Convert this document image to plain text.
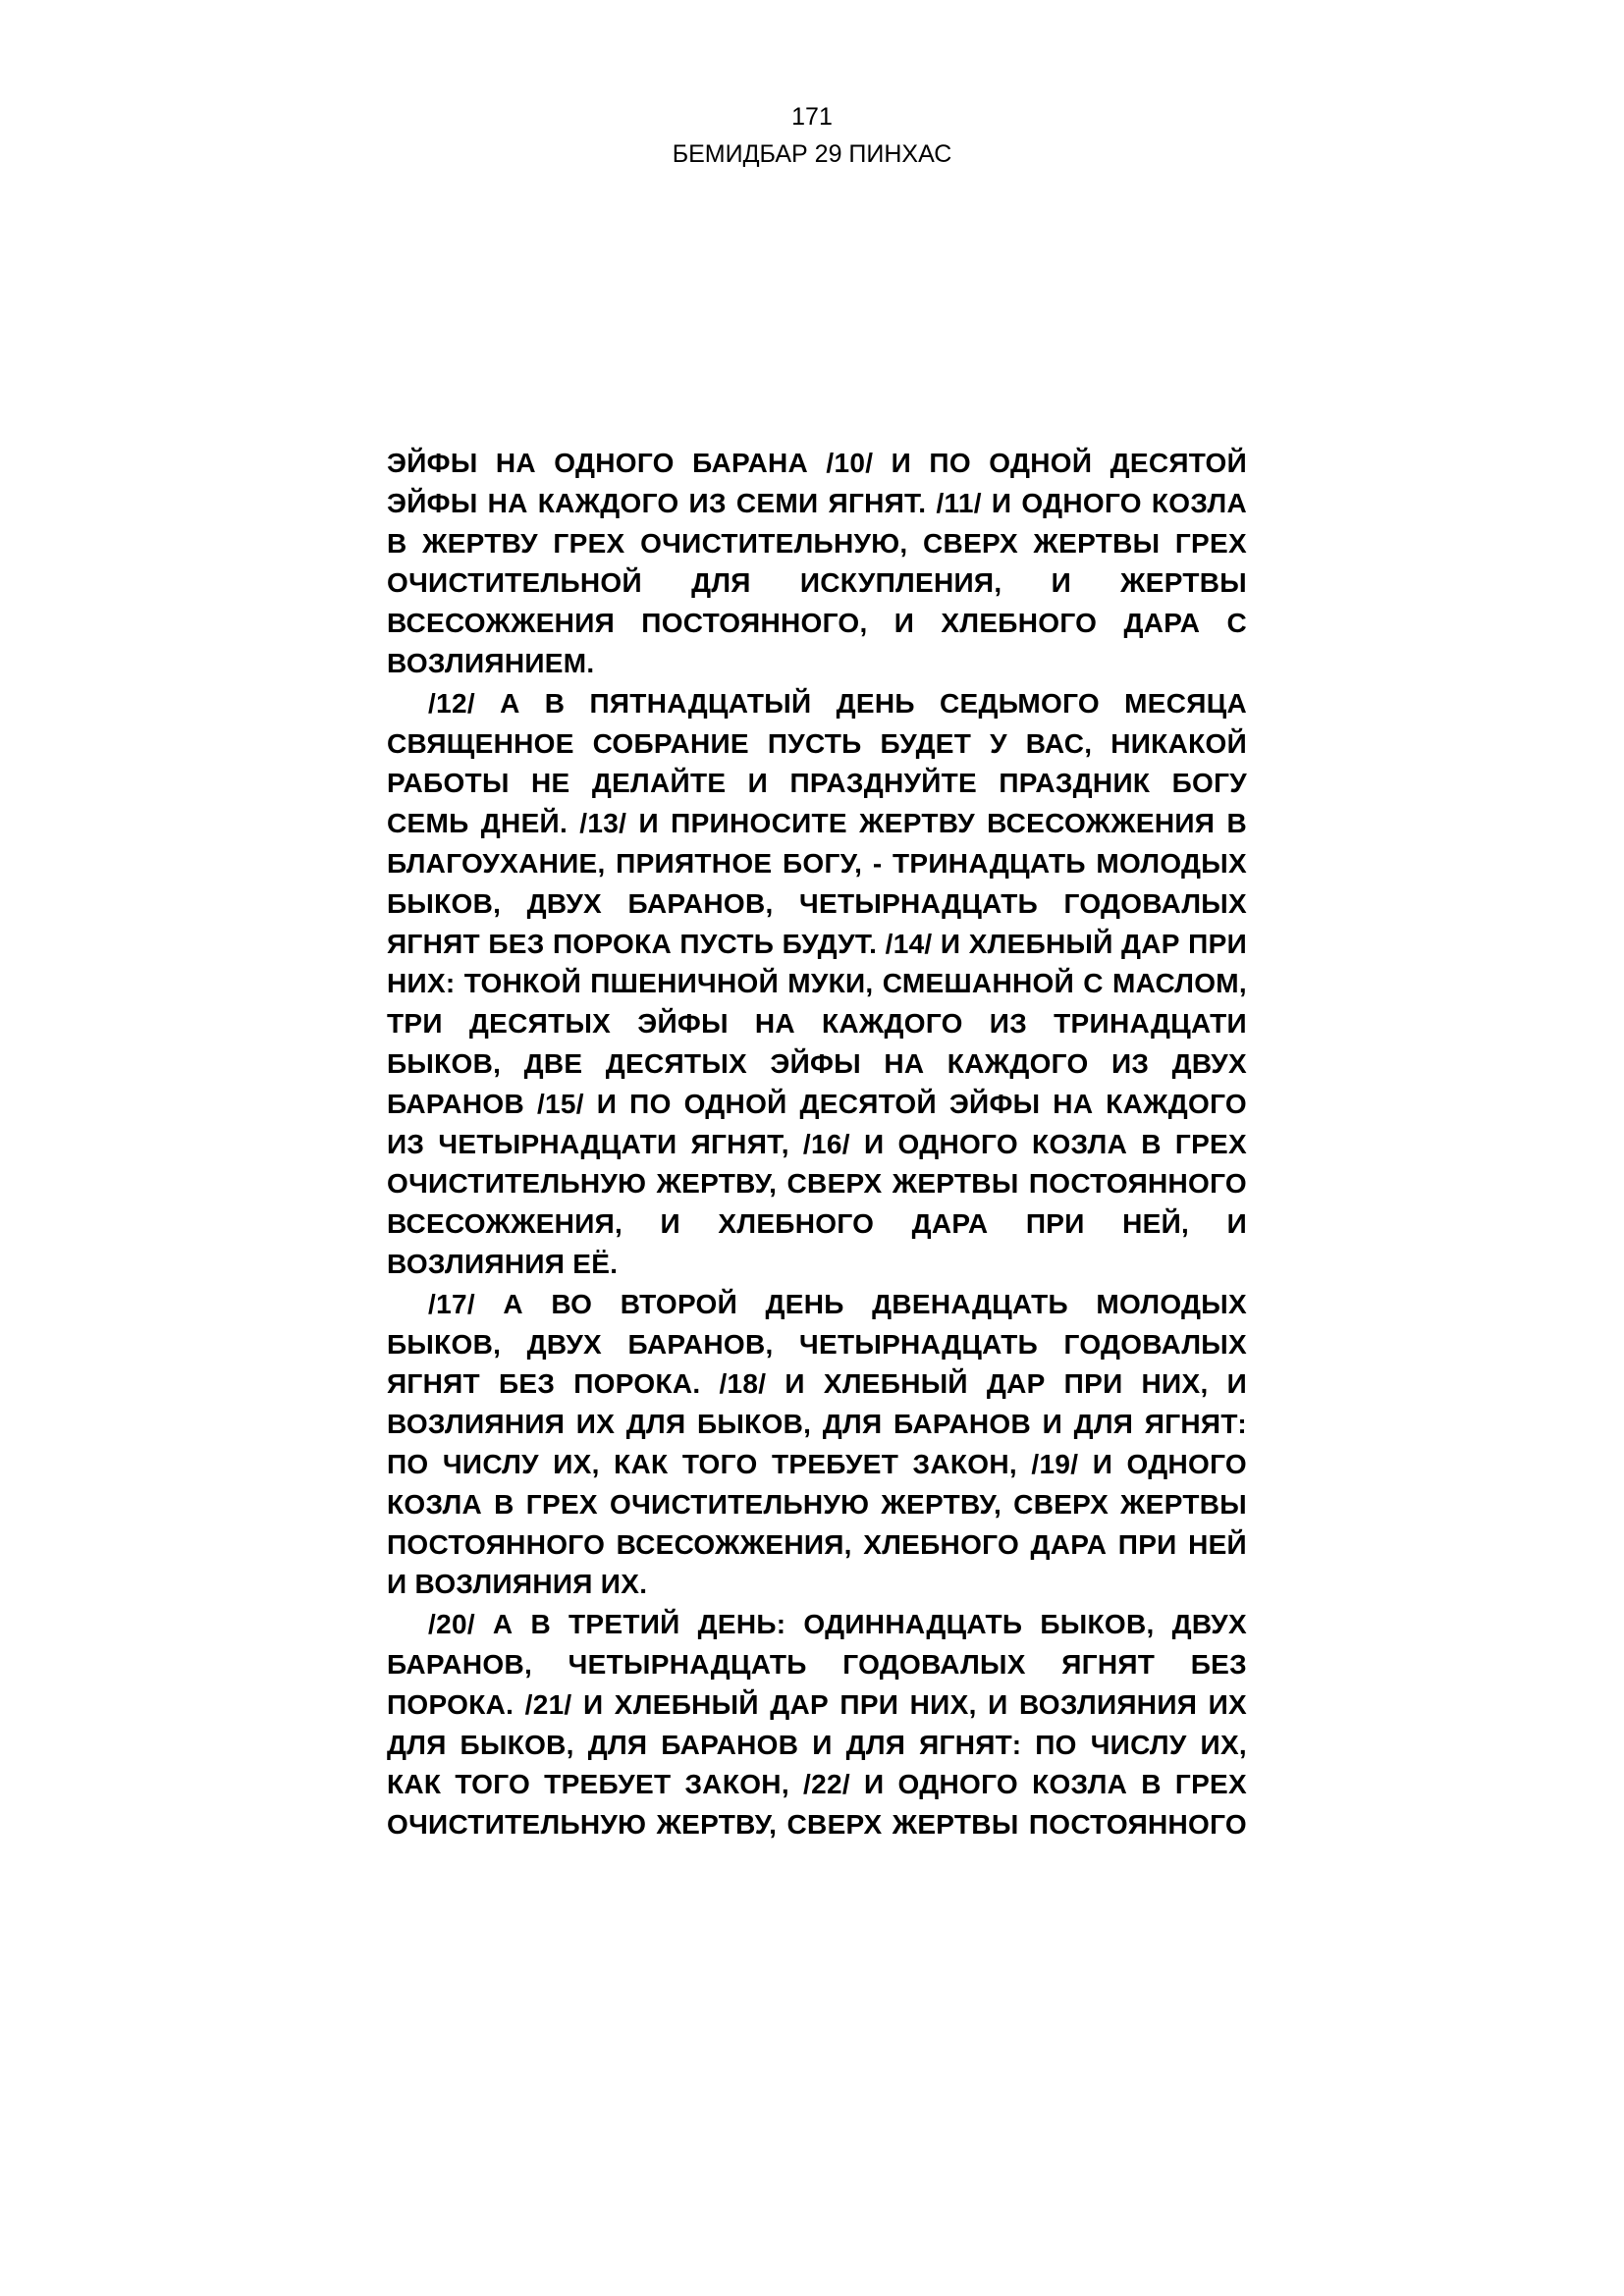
171
БЕМИДБАР 29 ПИНХАС

ЭЙФЫ НА ОДНОГО БАРАНА /10/ И ПО ОДНОЙ ДЕСЯТОЙ ЭЙФЫ НА КАЖДОГО ИЗ СЕМИ ЯГНЯТ. /11/ И ОДНОГО КОЗЛА В ЖЕРТВУ ГРЕХ ОЧИСТИТЕЛЬНУЮ, СВЕРХ ЖЕРТВЫ ГРЕХ ОЧИСТИТЕЛЬНОЙ ДЛЯ ИСКУПЛЕНИЯ, И ЖЕРТВЫ ВСЕСОЖЖЕНИЯ ПОСТОЯННОГО, И ХЛЕБНОГО ДАРА С ВОЗЛИЯНИЕМ.

/12/ А В ПЯТНАДЦАТЫЙ ДЕНЬ СЕДЬМОГО МЕСЯЦА СВЯЩЕННОЕ СОБРАНИЕ ПУСТЬ БУДЕТ У ВАС, НИКАКОЙ РАБОТЫ НЕ ДЕЛАЙТЕ И ПРАЗДНУЙТЕ ПРАЗДНИК БОГУ СЕМЬ ДНЕЙ. /13/ И ПРИНОСИТЕ ЖЕРТВУ ВСЕСОЖЖЕНИЯ В БЛАГОУХАНИЕ, ПРИЯТНОЕ БОГУ, - ТРИНАДЦАТЬ МОЛОДЫХ БЫКОВ, ДВУХ БАРАНОВ, ЧЕТЫРНАДЦАТЬ ГОДОВАЛЫХ ЯГНЯТ БЕЗ ПОРОКА ПУСТЬ БУДУТ. /14/ И ХЛЕБНЫЙ ДАР ПРИ НИХ: ТОНКОЙ ПШЕНИЧНОЙ МУКИ, СМЕШАННОЙ С МАСЛОМ, ТРИ ДЕСЯТЫХ ЭЙФЫ НА КАЖДОГО ИЗ ТРИНАДЦАТИ БЫКОВ, ДВЕ ДЕСЯТЫХ ЭЙФЫ НА КАЖДОГО ИЗ ДВУХ БАРАНОВ /15/ И ПО ОДНОЙ ДЕСЯТОЙ ЭЙФЫ НА КАЖДОГО ИЗ ЧЕТЫРНАДЦАТИ ЯГНЯТ, /16/ И ОДНОГО КОЗЛА В ГРЕХ ОЧИСТИТЕЛЬНУЮ ЖЕРТВУ, СВЕРХ ЖЕРТВЫ ПОСТОЯННОГО ВСЕСОЖЖЕНИЯ, И ХЛЕБНОГО ДАРА ПРИ НЕЙ, И ВОЗЛИЯНИЯ ЕЁ.

/17/ А ВО ВТОРОЙ ДЕНЬ ДВЕНАДЦАТЬ МОЛОДЫХ БЫКОВ, ДВУХ БАРАНОВ, ЧЕТЫРНАДЦАТЬ ГОДОВАЛЫХ ЯГНЯТ БЕЗ ПОРОКА. /18/ И ХЛЕБНЫЙ ДАР ПРИ НИХ, И ВОЗЛИЯНИЯ ИХ ДЛЯ БЫКОВ, ДЛЯ БАРАНОВ И ДЛЯ ЯГНЯТ: ПО ЧИСЛУ ИХ, КАК ТОГО ТРЕБУЕТ ЗАКОН, /19/ И ОДНОГО КОЗЛА В ГРЕХ ОЧИСТИТЕЛЬНУЮ ЖЕРТВУ, СВЕРХ ЖЕРТВЫ ПОСТОЯННОГО ВСЕСОЖЖЕНИЯ, ХЛЕБНОГО ДАРА ПРИ НЕЙ И ВОЗЛИЯНИЯ ИХ.

/20/ А В ТРЕТИЙ ДЕНЬ: ОДИННАДЦАТЬ БЫКОВ, ДВУХ БАРАНОВ, ЧЕТЫРНАДЦАТЬ ГОДОВАЛЫХ ЯГНЯТ БЕЗ ПОРОКА. /21/ И ХЛЕБНЫЙ ДАР ПРИ НИХ, И ВОЗЛИЯНИЯ ИХ ДЛЯ БЫКОВ, ДЛЯ БАРАНОВ И ДЛЯ ЯГНЯТ: ПО ЧИСЛУ ИХ, КАК ТОГО ТРЕБУЕТ ЗАКОН, /22/ И ОДНОГО КОЗЛА В ГРЕХ ОЧИСТИТЕЛЬНУЮ ЖЕРТВУ, СВЕРХ ЖЕРТВЫ ПОСТОЯННОГО
